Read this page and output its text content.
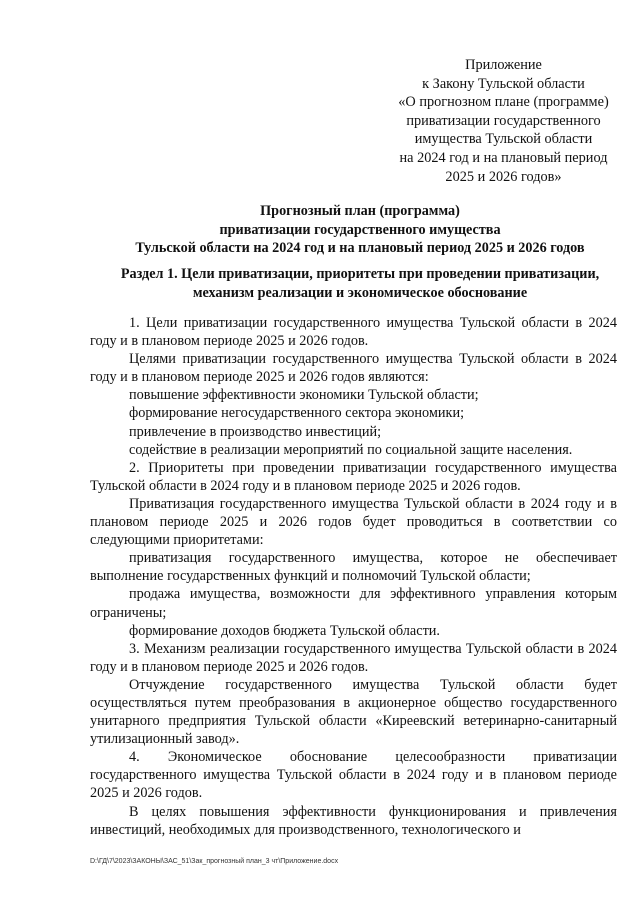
Приложение
к Закону Тульской области
«О прогнозном плане (программе)
приватизации государственного
имущества Тульской области
на 2024 год и на плановый период
2025 и 2026 годов»
Прогнозный план (программа)
приватизации государственного имущества
Тульской области на 2024 год и на плановый период 2025 и 2026 годов
Раздел 1. Цели приватизации, приоритеты при проведении приватизации,
механизм реализации и экономическое обоснование

1. Цели приватизации государственного имущества Тульской области в 2024 году и в плановом периоде 2025 и 2026 годов.

Целями приватизации государственного имущества Тульской области в 2024 году и в плановом периоде 2025 и 2026 годов являются:

повышение эффективности экономики Тульской области;

формирование негосударственного сектора экономики;

привлечение в производство инвестиций;

содействие в реализации мероприятий по социальной защите населения.

2. Приоритеты при проведении приватизации государственного имущества Тульской области в 2024 году и в плановом периоде 2025 и 2026 годов.

Приватизация государственного имущества Тульской области в 2024 году и в плановом периоде 2025 и 2026 годов будет проводиться в соответствии со следующими приоритетами:

приватизация государственного имущества, которое не обеспечивает выполнение государственных функций и полномочий Тульской области;

продажа имущества, возможности для эффективного управления которым ограничены;

формирование доходов бюджета Тульской области.

3. Механизм реализации государственного имущества Тульской области в 2024 году и в плановом периоде 2025 и 2026 годов.

Отчуждение государственного имущества Тульской области будет осуществляться путем преобразования в акционерное общество государственного унитарного предприятия Тульской области «Киреевский ветеринарно-санитарный утилизационный завод».

4. Экономическое обоснование целесообразности приватизации государственного имущества Тульской области в 2024 году и в плановом периоде 2025 и 2026 годов.

В целях повышения эффективности функционирования и привлечения инвестиций, необходимых для производственного, технологического и

D:\ГД\7\2023\ЗАКОНЫ\ЗАС_51\Зак_прогнозный план_3 чт\Приложение.docx
